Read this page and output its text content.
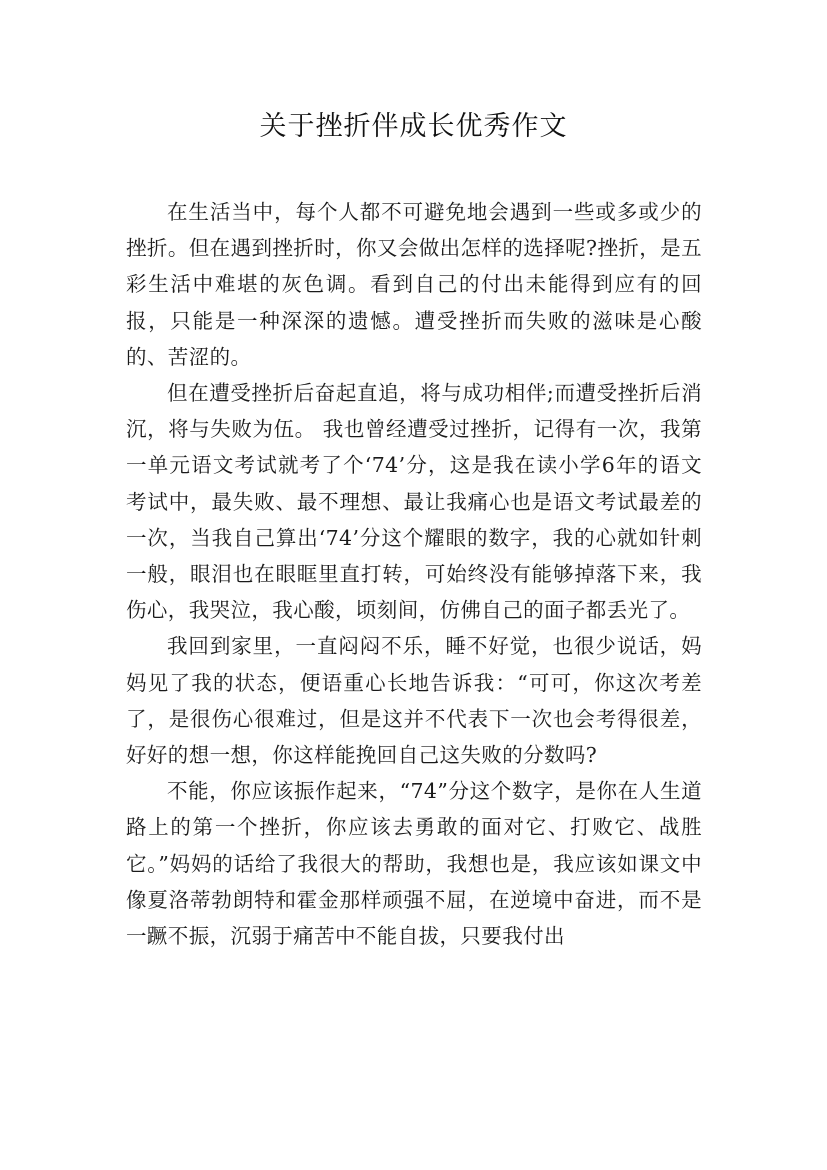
关于挫折伴成长优秀作文

在生活当中，每个人都不可避免地会遇到一些或多或少的挫折。但在遇到挫折时，你又会做出怎样的选择呢?挫折，是五彩生活中难堪的灰色调。看到自己的付出未能得到应有的回报，只能是一种深深的遗憾。遭受挫折而失败的滋味是心酸的、苦涩的。

但在遭受挫折后奋起直追，将与成功相伴;而遭受挫折后消沉，将与失败为伍。 我也曾经遭受过挫折，记得有一次，我第一单元语文考试就考了个‘74’分，这是我在读小学6年的语文考试中，最失败、最不理想、最让我痛心也是语文考试最差的一次，当我自己算出‘74’分这个耀眼的数字，我的心就如针刺一般，眼泪也在眼眶里直打转，可始终没有能够掉落下来，我伤心，我哭泣，我心酸，顷刻间，仿佛自己的面子都丢光了。

我回到家里，一直闷闷不乐，睡不好觉，也很少说话，妈妈见了我的状态，便语重心长地告诉我：“可可，你这次考差了，是很伤心很难过，但是这并不代表下一次也会考得很差，好好的想一想，你这样能挽回自己这失败的分数吗?

不能，你应该振作起来，“74”分这个数字，是你在人生道路上的第一个挫折，你应该去勇敢的面对它、打败它、战胜它。”妈妈的话给了我很大的帮助，我想也是，我应该如课文中像夏洛蒂勃朗特和霍金那样顽强不屈，在逆境中奋进，而不是一蹶不振，沉弱于痛苦中不能自拔，只要我付出
